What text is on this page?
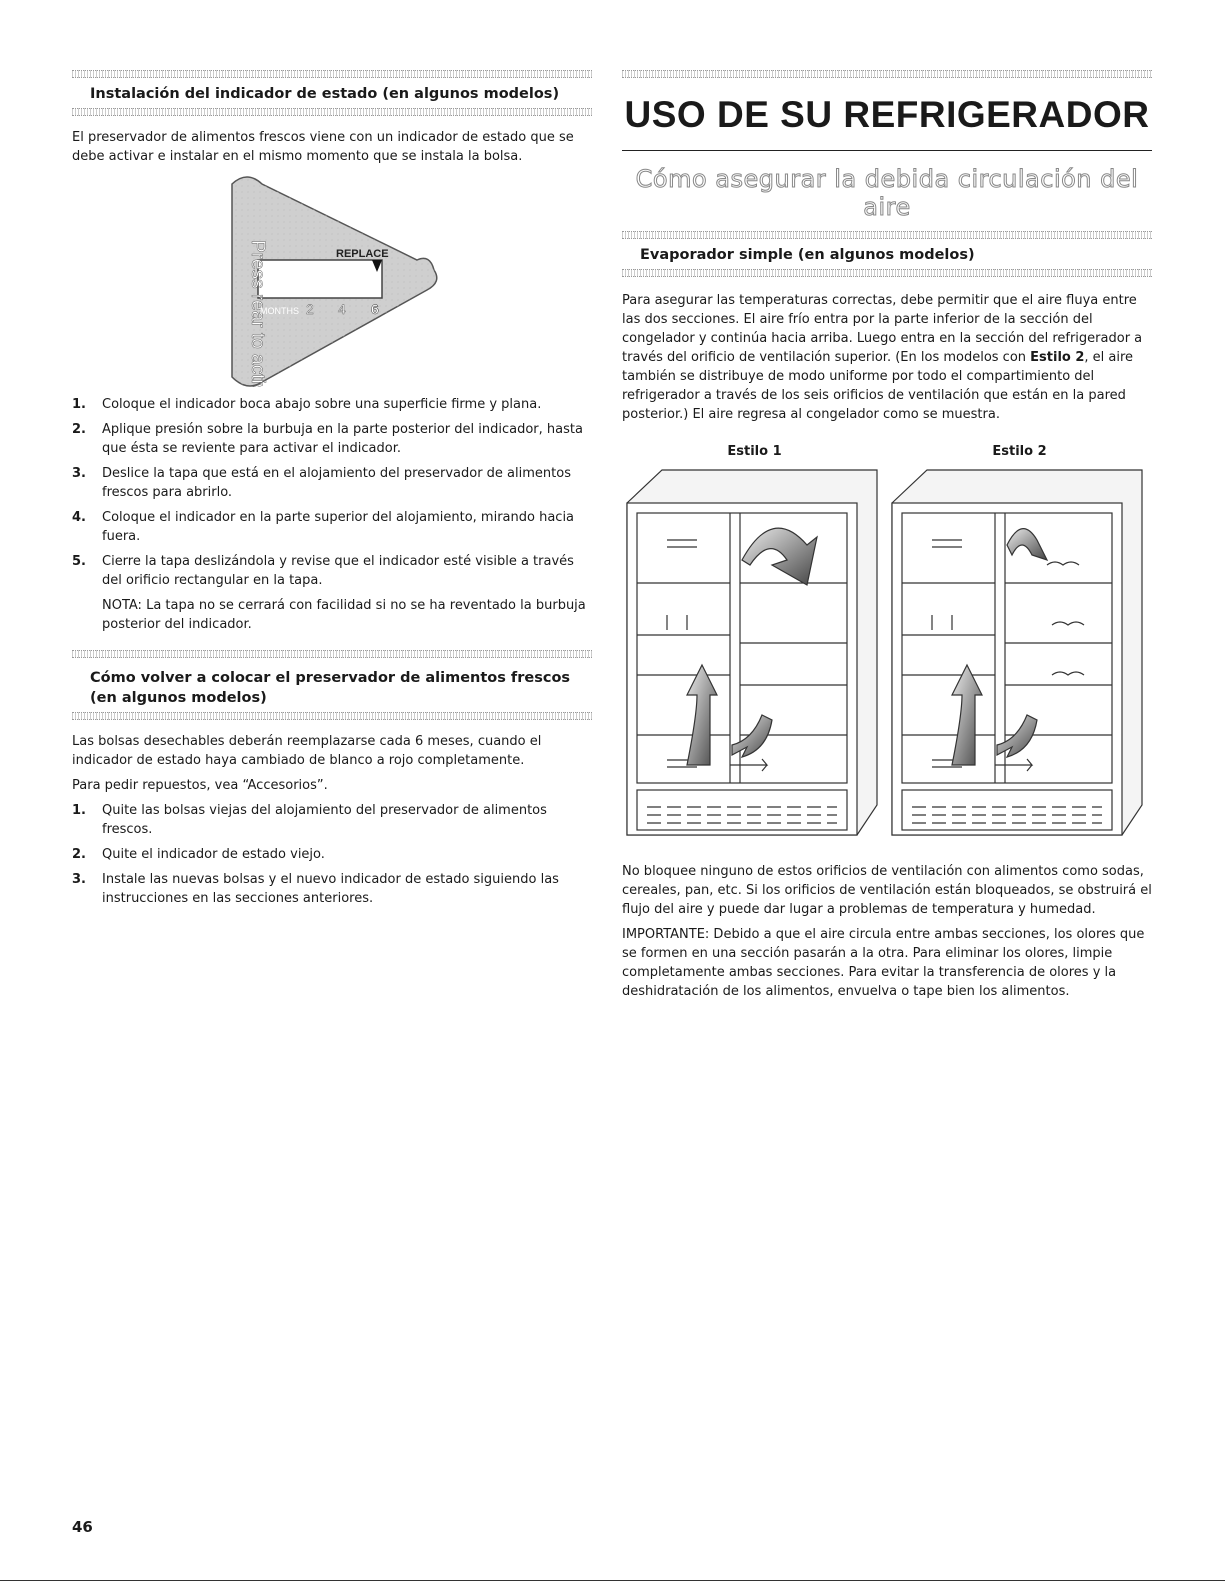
Instalación del indicador de estado (en algunos modelos)

El preservador de alimentos frescos viene con un indicador de estado que se debe activar e instalar en el mismo momento que se instala la bolsa.

Press rear to activate	REPLACE
MONTHS 2 4 6
1. Coloque el indicador boca abajo sobre una superficie firme y plana.
2. Aplique presión sobre la burbuja en la parte posterior del indicador, hasta que ésta se reviente para activar el indicador.
3. Deslice la tapa que está en el alojamiento del preservador de alimentos frescos para abrirlo.
4. Coloque el indicador en la parte superior del alojamiento, mirando hacia fuera.
5. Cierre la tapa deslizándola y revise que el indicador esté visible a través del orificio rectangular en la tapa.
NOTA: La tapa no se cerrará con facilidad si no se ha reventado la burbuja posterior del indicador.
Cómo volver a colocar el preservador de alimentos frescos
(en algunos modelos)

Las bolsas desechables deberán reemplazarse cada 6 meses, cuando el indicador de estado haya cambiado de blanco a rojo completamente.

Para pedir repuestos, vea “Accesorios”.

1. Quite las bolsas viejas del alojamiento del preservador de alimentos frescos.
2. Quite el indicador de estado viejo.
3. Instale las nuevas bolsas y el nuevo indicador de estado siguiendo las instrucciones en las secciones anteriores.
USO DE SU REFRIGERADOR
Cómo asegurar la debida circulación del aire
Evaporador simple (en algunos modelos)

Para asegurar las temperaturas correctas, debe permitir que el aire fluya entre las dos secciones. El aire frío entra por la parte inferior de la sección del congelador y continúa hacia arriba. Luego entra en la sección del refrigerador a través del orificio de ventilación superior. (En los modelos con Estilo 2, el aire también se distribuye de modo uniforme por todo el compartimiento del refrigerador a través de los seis orificios de ventilación que están en la pared posterior.) El aire regresa al congelador como se muestra.

Estilo 1	Estilo 2

No bloquee ninguno de estos orificios de ventilación con alimentos como sodas, cereales, pan, etc. Si los orificios de ventilación están bloqueados, se obstruirá el flujo del aire y puede dar lugar a problemas de temperatura y humedad.

IMPORTANTE: Debido a que el aire circula entre ambas secciones, los olores que se formen en una sección pasarán a la otra. Para eliminar los olores, limpie completamente ambas secciones. Para evitar la transferencia de olores y la deshidratación de los alimentos, envuelva o tape bien los alimentos.

46
